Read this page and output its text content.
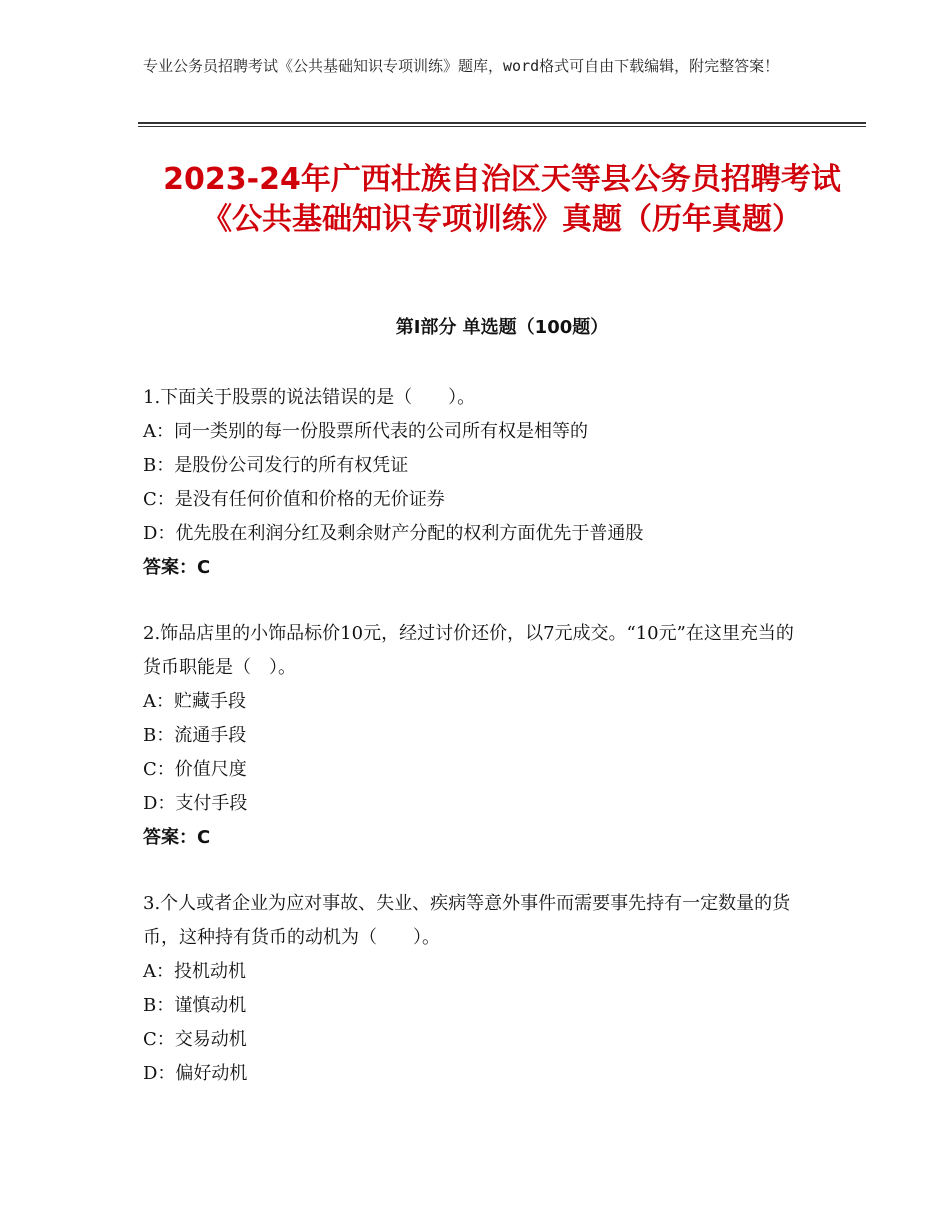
专业公务员招聘考试《公共基础知识专项训练》题库，word格式可自由下载编辑，附完整答案！
2023-24年广西壮族自治区天等县公务员招聘考试《公共基础知识专项训练》真题（历年真题）
第Ⅰ部分 单选题（100题）
1.下面关于股票的说法错误的是（　　）。
A：同一类别的每一份股票所代表的公司所有权是相等的
B：是股份公司发行的所有权凭证
C：是没有任何价值和价格的无价证券
D：优先股在利润分红及剩余财产分配的权利方面优先于普通股
答案：C
2.饰品店里的小饰品标价10元，经过讨价还价，以7元成交。“10元”在这里充当的货币职能是（　）。
A：贮藏手段
B：流通手段
C：价值尺度
D：支付手段
答案：C
3.个人或者企业为应对事故、失业、疾病等意外事件而需要事先持有一定数量的货币，这种持有货币的动机为（　　）。
A：投机动机
B：谨慎动机
C：交易动机
D：偏好动机
